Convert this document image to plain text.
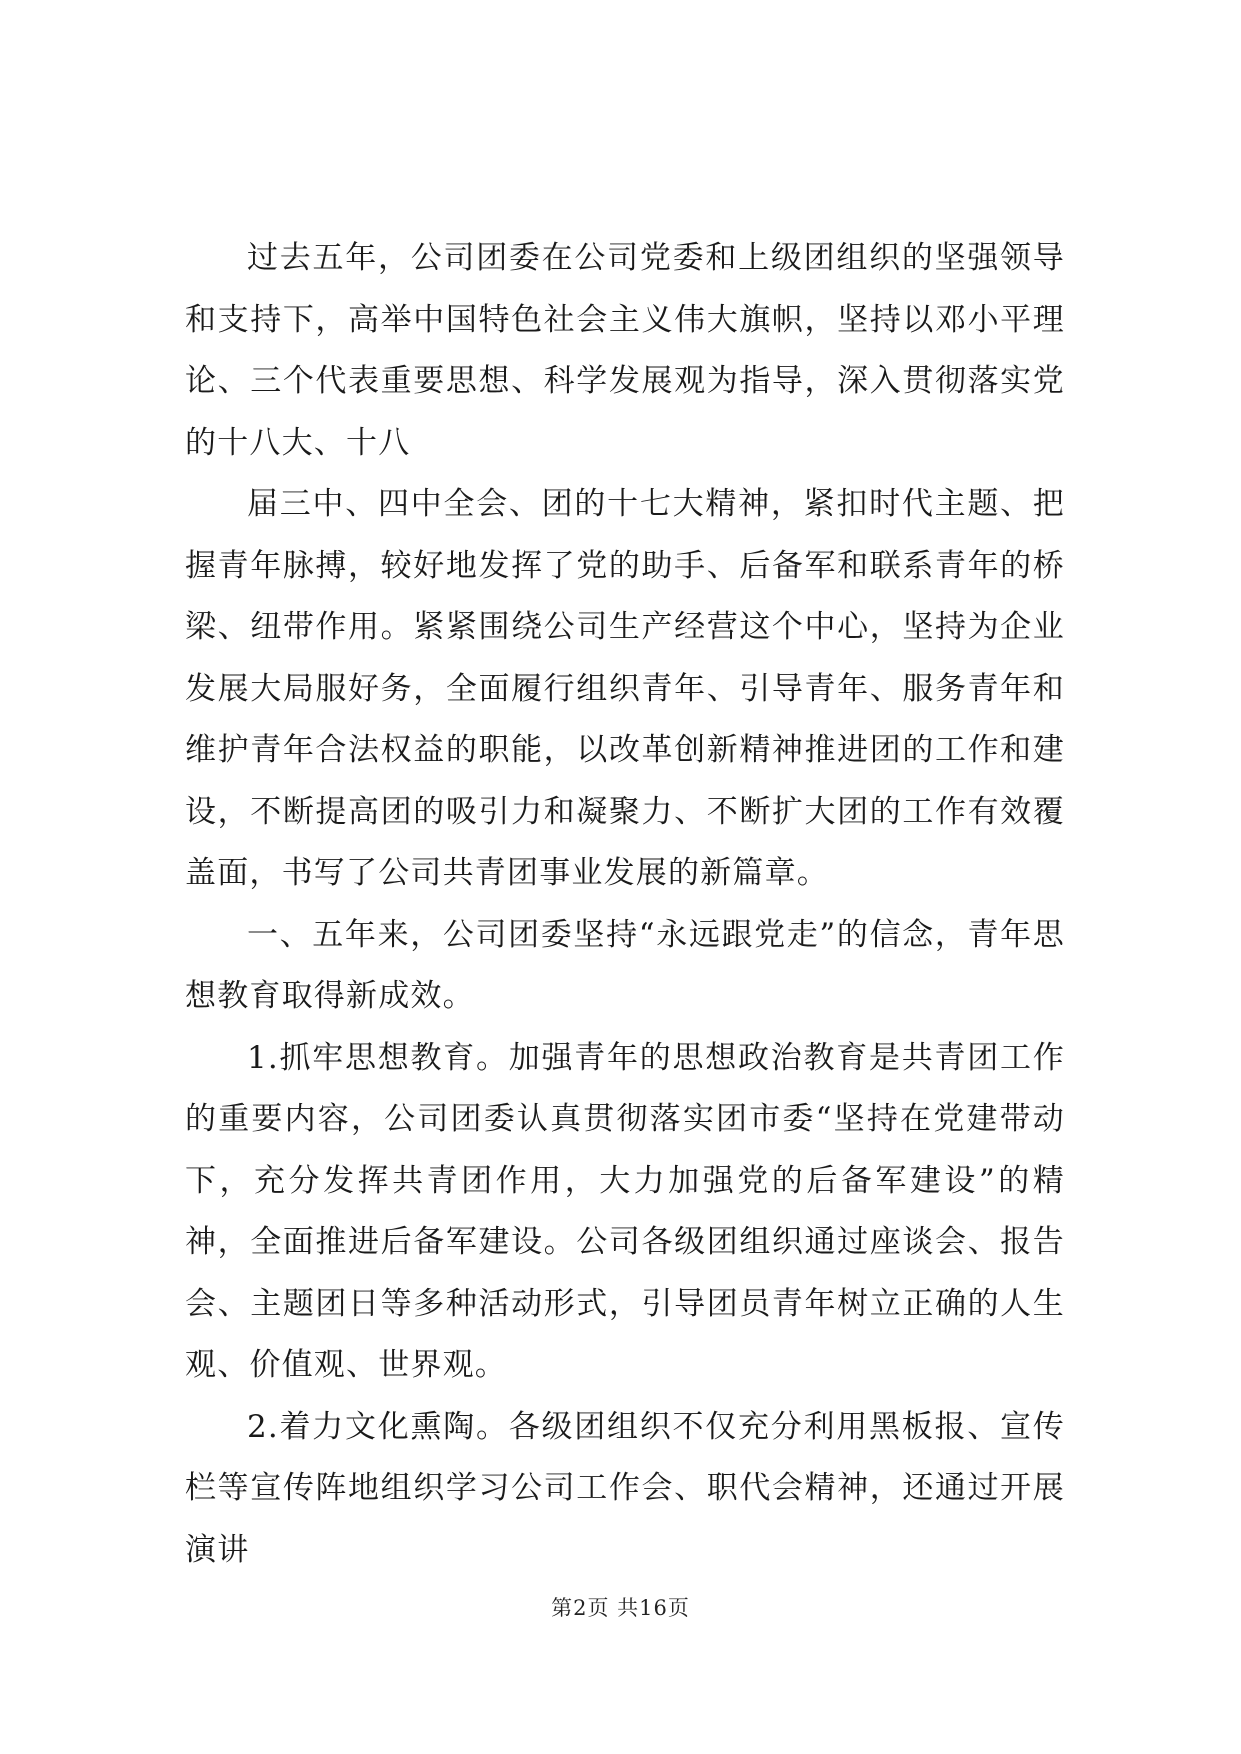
过去五年，公司团委在公司党委和上级团组织的坚强领导和支持下，高举中国特色社会主义伟大旗帜，坚持以邓小平理论、三个代表重要思想、科学发展观为指导，深入贯彻落实党的十八大、十八

届三中、四中全会、团的十七大精神，紧扣时代主题、把握青年脉搏，较好地发挥了党的助手、后备军和联系青年的桥梁、纽带作用。紧紧围绕公司生产经营这个中心，坚持为企业发展大局服好务，全面履行组织青年、引导青年、服务青年和维护青年合法权益的职能，以改革创新精神推进团的工作和建设，不断提高团的吸引力和凝聚力、不断扩大团的工作有效覆盖面，书写了公司共青团事业发展的新篇章。

一、五年来，公司团委坚持“永远跟党走”的信念，青年思想教育取得新成效。

1.抓牢思想教育。加强青年的思想政治教育是共青团工作的重要内容，公司团委认真贯彻落实团市委“坚持在党建带动下，充分发挥共青团作用，大力加强党的后备军建设”的精神，全面推进后备军建设。公司各级团组织通过座谈会、报告会、主题团日等多种活动形式，引导团员青年树立正确的人生观、价值观、世界观。

2.着力文化熏陶。各级团组织不仅充分利用黑板报、宣传栏等宣传阵地组织学习公司工作会、职代会精神，还通过开展演讲

第2页 共16页
